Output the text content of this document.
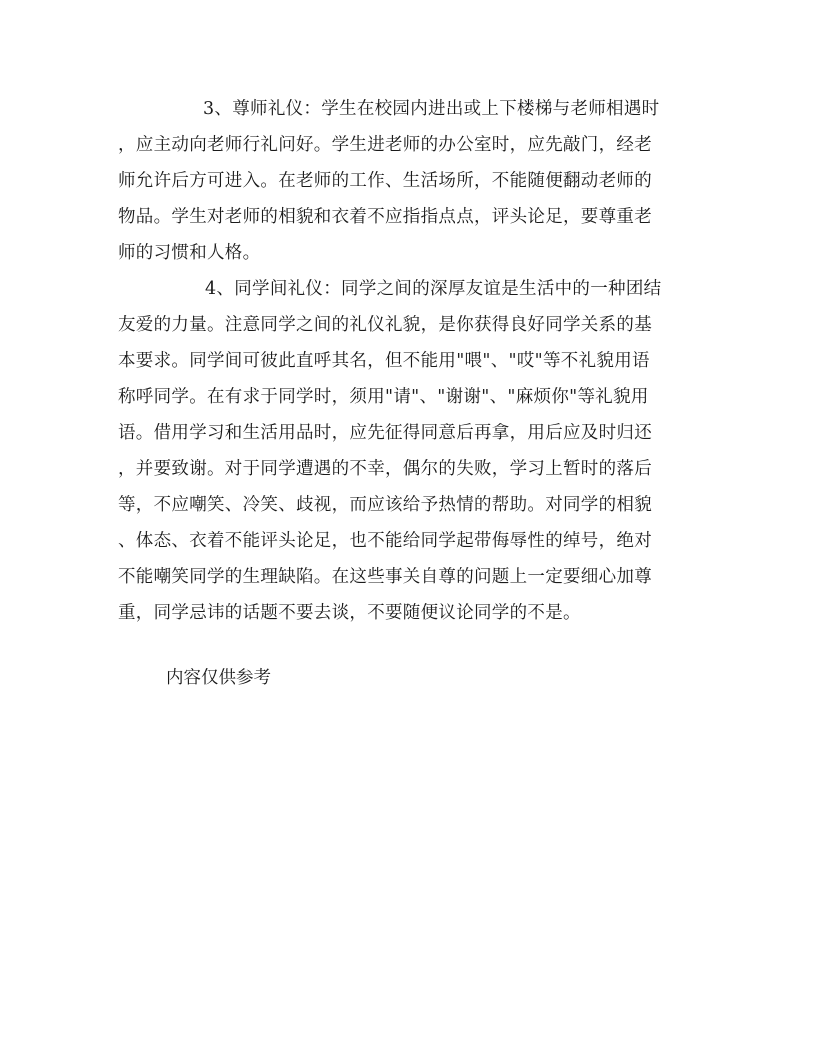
3、尊师礼仪：学生在校园内进出或上下楼梯与老师相遇时
，应主动向老师行礼问好。学生进老师的办公室时，应先敲门，经老
师允许后方可进入。在老师的工作、生活场所，不能随便翻动老师的
物品。学生对老师的相貌和衣着不应指指点点，评头论足，要尊重老
师的习惯和人格。
4、同学间礼仪：同学之间的深厚友谊是生活中的一种团结
友爱的力量。注意同学之间的礼仪礼貌，是你获得良好同学关系的基
本要求。同学间可彼此直呼其名，但不能用"喂"、"哎"等不礼貌用语
称呼同学。在有求于同学时，须用"请"、"谢谢"、"麻烦你"等礼貌用
语。借用学习和生活用品时，应先征得同意后再拿，用后应及时归还
，并要致谢。对于同学遭遇的不幸，偶尔的失败，学习上暂时的落后
等，不应嘲笑、冷笑、歧视，而应该给予热情的帮助。对同学的相貌
、体态、衣着不能评头论足，也不能给同学起带侮辱性的绰号，绝对
不能嘲笑同学的生理缺陷。在这些事关自尊的问题上一定要细心加尊
重，同学忌讳的话题不要去谈，不要随便议论同学的不是。
内容仅供参考
